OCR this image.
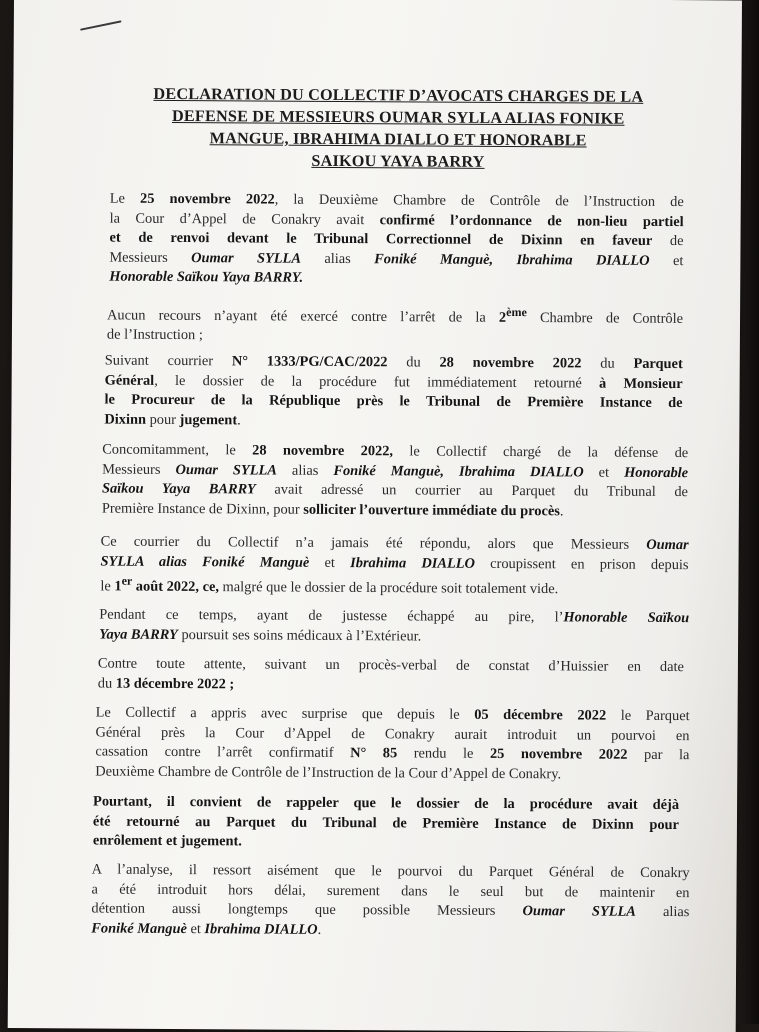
DECLARATION DU COLLECTIF D’AVOCATS CHARGES DE LA
DEFENSE DE MESSIEURS OUMAR SYLLA ALIAS FONIKE
MANGUE, IBRAHIMA DIALLO ET HONORABLE
SAIKOU YAYA BARRY
Le 25 novembre 2022, la Deuxième Chambre de Contrôle de l’Instruction de
la Cour d’Appel de Conakry avait confirmé l’ordonnance de non-lieu partiel
et de renvoi devant le Tribunal Correctionnel de Dixinn en faveur de
Messieurs Oumar SYLLA alias Foniké Manguè, Ibrahima DIALLO et
Honorable Saïkou Yaya BARRY.
Aucun recours n’ayant été exercé contre l’arrêt de la 2ème Chambre de Contrôle
de l’Instruction ;
Suivant courrier N° 1333/PG/CAC/2022 du 28 novembre 2022 du Parquet
Général, le dossier de la procédure fut immédiatement retourné à Monsieur
le Procureur de la République près le Tribunal de Première Instance de
Dixinn pour jugement.
Concomitamment, le 28 novembre 2022, le Collectif chargé de la défense de
Messieurs Oumar SYLLA alias Foniké Manguè, Ibrahima DIALLO et Honorable
Saïkou Yaya BARRY avait adressé un courrier au Parquet du Tribunal de
Première Instance de Dixinn, pour solliciter l’ouverture immédiate du procès.
Ce courrier du Collectif n’a jamais été répondu, alors que Messieurs Oumar
SYLLA alias Foniké Manguè et Ibrahima DIALLO croupissent en prison depuis
le 1er août 2022, ce, malgré que le dossier de la procédure soit totalement vide.
Pendant ce temps, ayant de justesse échappé au pire, l’Honorable Saïkou
Yaya BARRY poursuit ses soins médicaux à l’Extérieur.
Contre toute attente, suivant un procès-verbal de constat d’Huissier en date
du 13 décembre 2022 ;
Le Collectif a appris avec surprise que depuis le 05 décembre 2022 le Parquet
Général près la Cour d’Appel de Conakry aurait introduit un pourvoi en
cassation contre l’arrêt confirmatif N° 85 rendu le 25 novembre 2022 par la
Deuxième Chambre de Contrôle de l’Instruction de la Cour d’Appel de Conakry.
Pourtant, il convient de rappeler que le dossier de la procédure avait déjà
été retourné au Parquet du Tribunal de Première Instance de Dixinn pour
enrôlement et jugement.
A l’analyse, il ressort aisément que le pourvoi du Parquet Général de Conakry
a été introduit hors délai, surement dans le seul but de maintenir en
détention aussi longtemps que possible Messieurs Oumar SYLLA alias
Foniké Manguè et Ibrahima DIALLO.
